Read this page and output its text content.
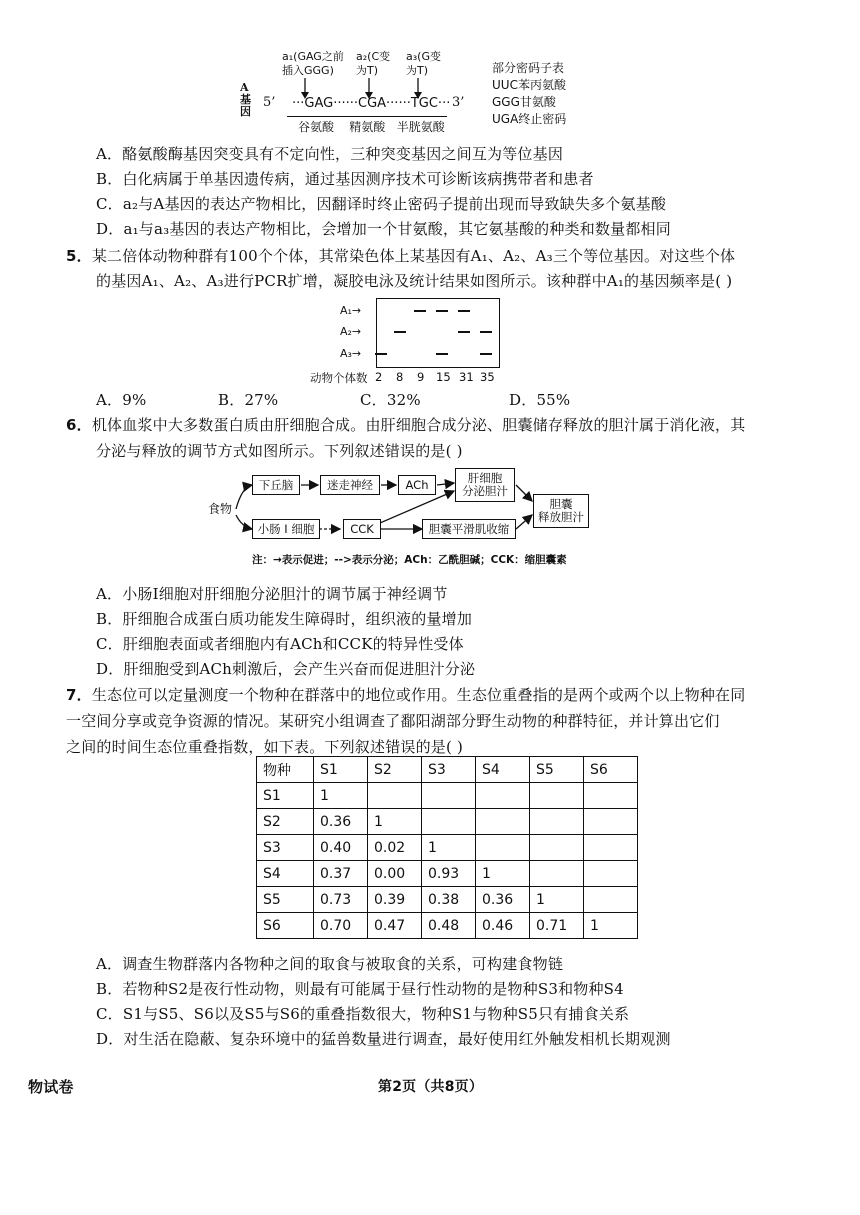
a₁(GAG之前
插入GGG)
a₂(C变
为T)
a₃(G变
为T)
A基因
5’ ···GAG······CGA······TGC··· 3’
谷氨酸    精氨酸   半胱氨酸
部分密码子表
UUC苯丙氨酸
GGG甘氨酸
UGA终止密码
A．酪氨酸酶基因突变具有不定向性，三种突变基因之间互为等位基因
B．白化病属于单基因遗传病，通过基因测序技术可诊断该病携带者和患者
C．a₂与A基因的表达产物相比，因翻译时终止密码子提前出现而导致缺失多个氨基酸
D．a₁与a₃基因的表达产物相比，会增加一个甘氨酸，其它氨基酸的种类和数量都相同
5．某二倍体动物种群有100个个体，其常染色体上某基因有A₁、A₂、A₃三个等位基因。对这些个体
的基因A₁、A₂、A₃进行PCR扩增，凝胶电泳及统计结果如图所示。该种群中A₁的基因频率是( )
A₁→
A₂→
A₃→
动物个体数 2 8 9 15 31 35
A．9%	B．27%	C．32%	D．55%
6．机体血浆中大多数蛋白质由肝细胞合成。由肝细胞合成分泌、胆囊储存释放的胆汁属于消化液，其
分泌与释放的调节方式如图所示。下列叙述错误的是( )
食物
下丘脑	迷走神经	ACh	肝细胞
分泌胆汁
胆囊
释放胆汁
小肠 I 细胞	CCK	胆囊平滑肌收缩
注：→表示促进；-->表示分泌；ACh：乙酰胆碱；CCK：缩胆囊素
A．小肠I细胞对肝细胞分泌胆汁的调节属于神经调节
B．肝细胞合成蛋白质功能发生障碍时，组织液的量增加
C．肝细胞表面或者细胞内有ACh和CCK的特异性受体
D．肝细胞受到ACh刺激后，会产生兴奋而促进胆汁分泌
7．生态位可以定量测度一个物种在群落中的地位或作用。生态位重叠指的是两个或两个以上物种在同
一空间分享或竞争资源的情况。某研究小组调查了鄱阳湖部分野生动物的种群特征，并计算出它们
之间的时间生态位重叠指数，如下表。下列叙述错误的是( )
物种	S1	S2	S3	S4	S5	S6
S1	1					
S2	0.36	1				
S3	0.40	0.02	1			
S4	0.37	0.00	0.93	1		
S5	0.73	0.39	0.38	0.36	1	
S6	0.70	0.47	0.48	0.46	0.71	1
A．调查生物群落内各物种之间的取食与被取食的关系，可构建食物链
B．若物种S2是夜行性动物，则最有可能属于昼行性动物的是物种S3和物种S4
C．S1与S5、S6以及S5与S6的重叠指数很大，物种S1与物种S5只有捕食关系
D．对生活在隐蔽、复杂环境中的猛兽数量进行调查，最好使用红外触发相机长期观测
物试卷	第2页（共8页）
